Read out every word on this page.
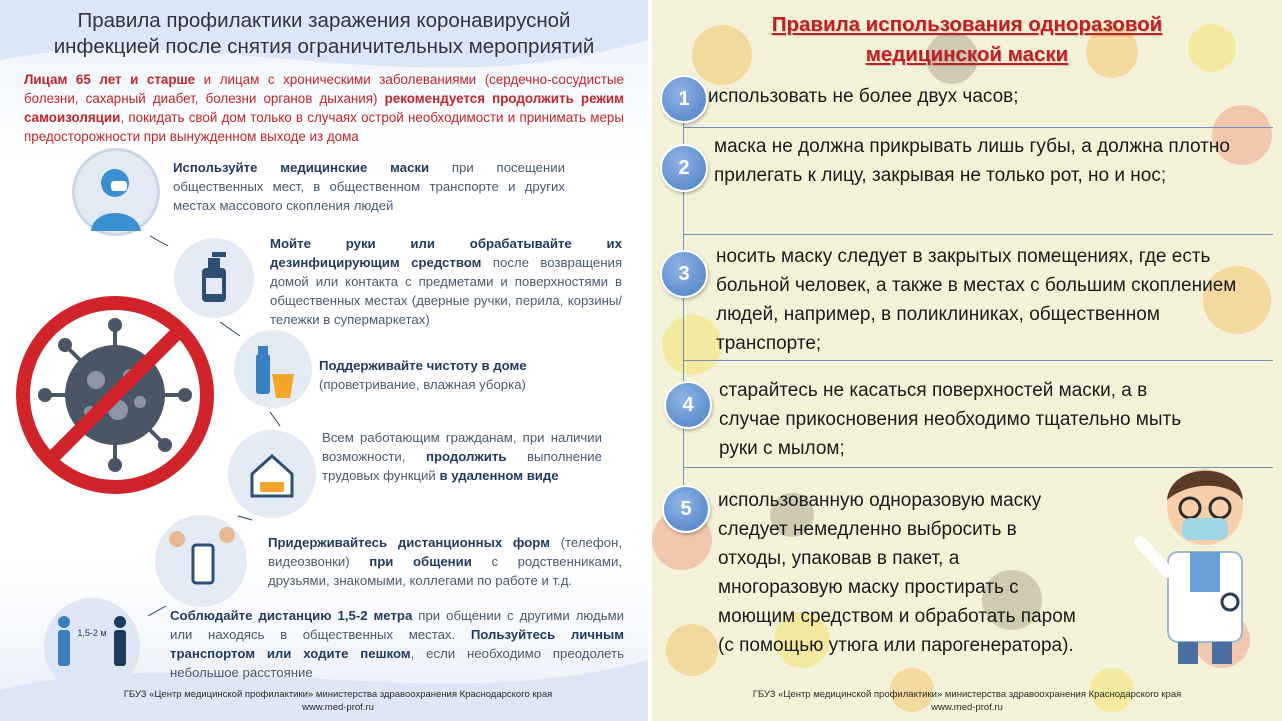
Правила профилактики заражения коронавирусной
инфекцией после снятия ограничительных мероприятий

Лицам 65 лет и старше и лицам с хроническими заболеваниями (сердечно-сосудистые болезни, сахарный диабет, болезни органов дыхания) рекомендуется продолжить режим самоизоляции, покидать свой дом только в случаях острой необходимости и принимать меры предосторожности при вынужденном выходе из дома

1,5-2 м

Используйте медицинские маски при посещении общественных мест, в общественном транспорте и других местах массового скопления людей

Мойте руки или обрабатывайте их дезинфицирующим средством после возвращения домой или контакта с предметами и поверхностями в общественных местах (дверные ручки, перила, корзины/тележки в супермаркетах)

Поддерживайте чистоту в доме
(проветривание, влажная уборка)

Всем работающим гражданам, при наличии возможности, продолжить выполнение трудовых функций в удаленном виде

Придерживайтесь дистанционных форм (телефон, видеозвонки) при общении с родственниками, друзьями, знакомыми, коллегами по работе и т.д.

Соблюдайте дистанцию 1,5-2 метра при общении с другими людьми или находясь в общественных местах. Пользуйтесь личным транспортом или ходите пешком, если необходимо преодолеть небольшое расстояние

ГБУЗ «Центр медицинской профилактики» министерства здравоохранения Краснодарского края
www.med-prof.ru
Правила использования одноразовой
медицинской маски
1 использовать не более двух часов;

2

маска не должна прикрывать лишь губы, а должна плотно прилегать к лицу, закрывая не только рот, но и нос;

3

носить маску следует в закрытых помещениях, где есть больной человек, а также в местах с большим скоплением людей, например, в поликлиниках, общественном транспорте;

4

старайтесь не касаться поверхностей маски, а в случае прикосновения необходимо тщательно мыть руки с мылом;

5	использованную одноразовую маску следует немедленно выбросить в отходы, упаковав в пакет, а многоразовую маску простирать с моющим средством и обработать паром (с помощью утюга или парогенератора).

ГБУЗ «Центр медицинской профилактики» министерства здравоохранения Краснодарского края
www.med-prof.ru
